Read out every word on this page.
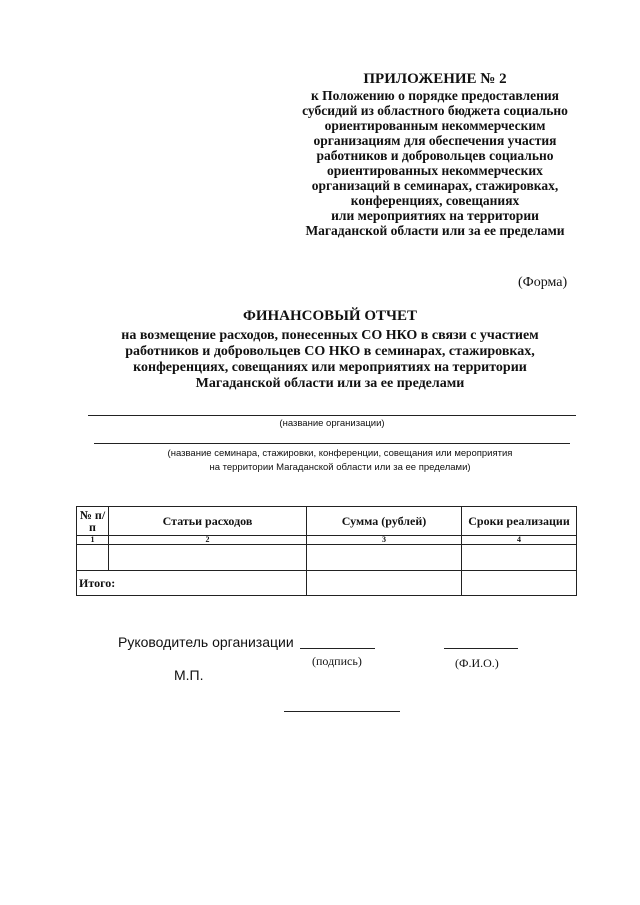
ПРИЛОЖЕНИЕ № 2
к Положению о порядке предоставления
субсидий из областного бюджета социально
ориентированным некоммерческим
организациям для обеспечения участия
работников и добровольцев социально
ориентированных некоммерческих
организаций в семинарах, стажировках,
конференциях, совещаниях
или мероприятиях на территории
Магаданской области или за ее пределами
(Форма)
ФИНАНСОВЫЙ ОТЧЕТ
на возмещение расходов, понесенных СО НКО в связи с участием
работников и добровольцев СО НКО в семинарах, стажировках,
конференциях, совещаниях или мероприятиях на территории
Магаданской области или за ее пределами
(название организации)
(название семинара, стажировки, конференции, совещания или мероприятия
на территории Магаданской области или за ее пределами)
№ п/п	Статьи расходов	Сумма (рублей)	Сроки реализации
1	2	3	4

Итого:			
Руководитель организации
(подпись)	(Ф.И.О.)
М.П.
